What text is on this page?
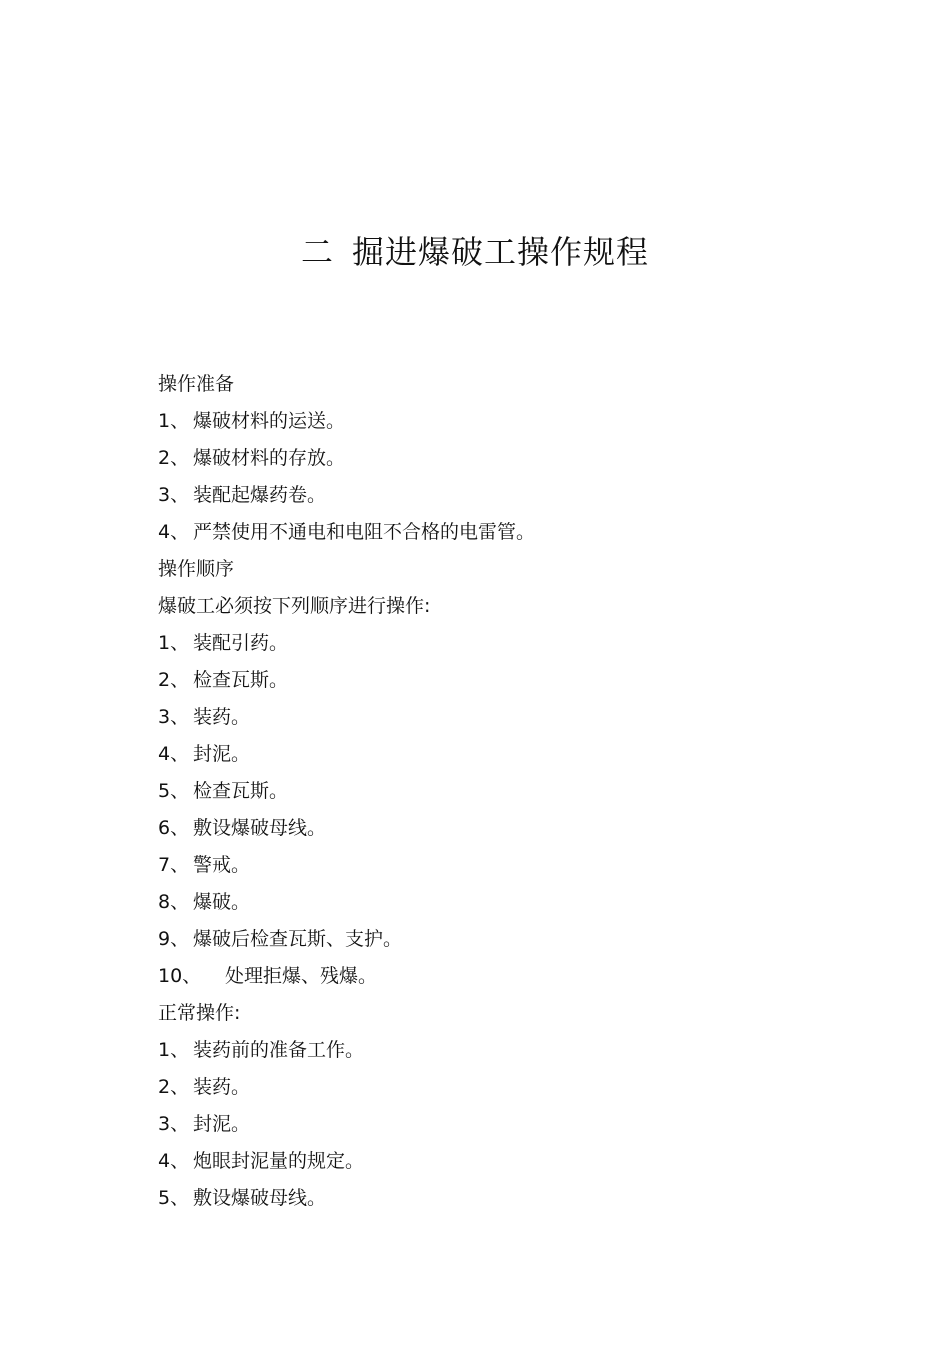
二 掘进爆破工操作规程
操作准备
1、 爆破材料的运送。
2、 爆破材料的存放。
3、 装配起爆药卷。
4、 严禁使用不通电和电阻不合格的电雷管。
操作顺序
爆破工必须按下列顺序进行操作:
1、 装配引药。
2、 检查瓦斯。
3、 装药。
4、 封泥。
5、 检查瓦斯。
6、 敷设爆破母线。
7、 警戒。
8、 爆破。
9、 爆破后检查瓦斯、支护。
10、 处理拒爆、残爆。
正常操作:
1、 装药前的准备工作。
2、 装药。
3、 封泥。
4、 炮眼封泥量的规定。
5、 敷设爆破母线。
